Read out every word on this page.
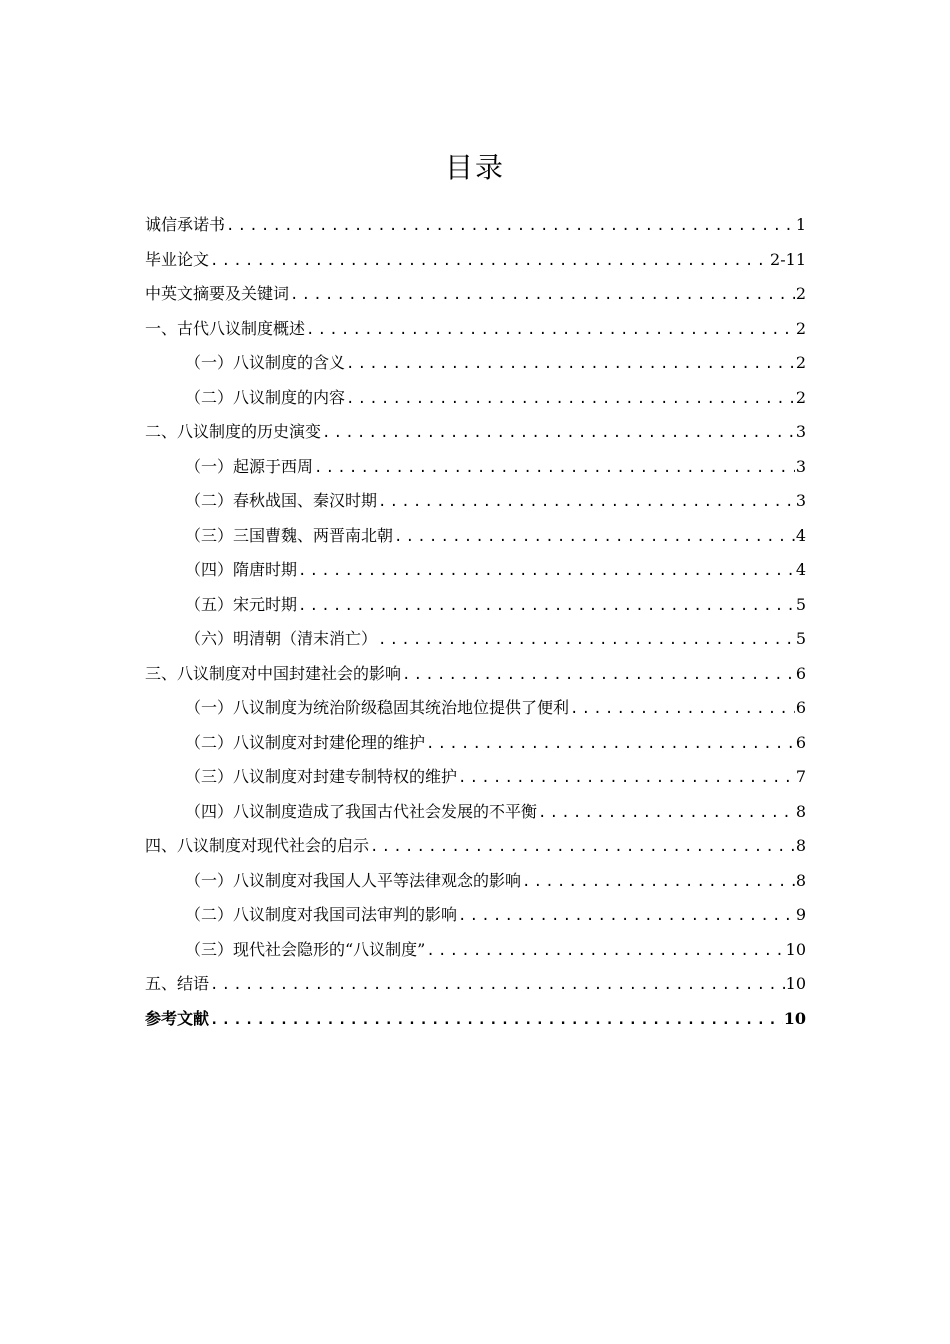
目录
诚信承诺书 .....	1
毕业论文 .....	2-11
中英文摘要及关键词 .....	2
一、古代八议制度概述 .....	2
（一）八议制度的含义 .....	2
（二）八议制度的内容 .....	2
二、八议制度的历史演变 .....	3
（一）起源于西周 .....	3
（二）春秋战国、秦汉时期 .....	3
（三）三国曹魏、两晋南北朝 .....	4
（四）隋唐时期 .....	4
（五）宋元时期 .....	5
（六）明清朝（清末消亡） .....	5
三、八议制度对中国封建社会的影响 .....	6
（一）八议制度为统治阶级稳固其统治地位提供了便利 .....	6
（二）八议制度对封建伦理的维护 .....	6
（三）八议制度对封建专制特权的维护 .....	7
（四）八议制度造成了我国古代社会发展的不平衡 .....	8
四、八议制度对现代社会的启示 .....	8
（一）八议制度对我国人人平等法律观念的影响 .....	8
（二）八议制度对我国司法审判的影响 .....	9
（三）现代社会隐形的“八议制度” .....	10
五、结语 .....	10
参考文献 .....	10
